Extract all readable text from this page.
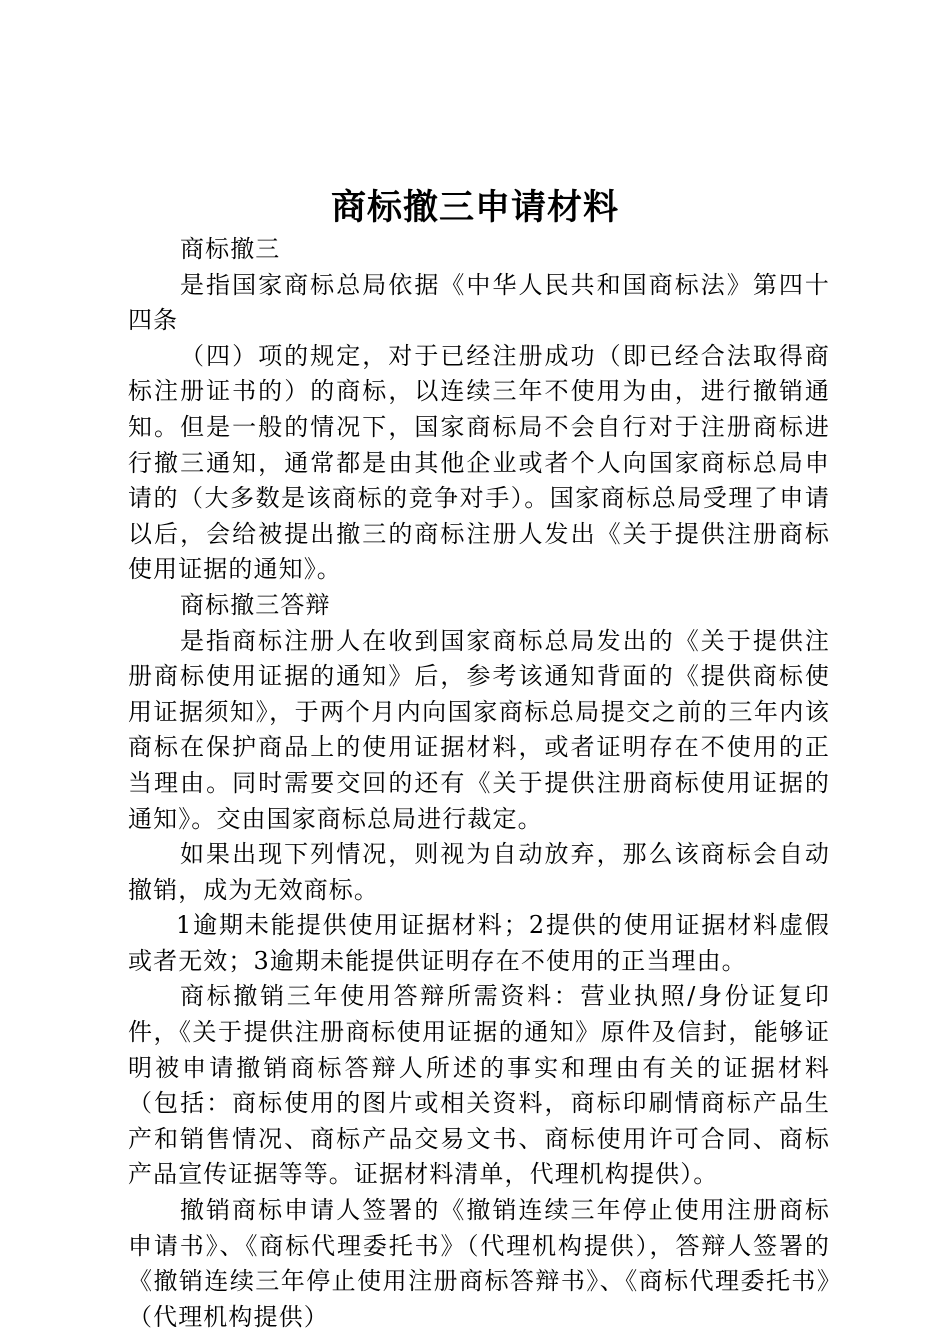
商标撤三申请材料

商标撤三

是指国家商标总局依据《中华人民共和国商标法》第四十四条

（四）项的规定，对于已经注册成功（即已经合法取得商标注册证书的）的商标，以连续三年不使用为由，进行撤销通知。但是一般的情况下，国家商标局不会自行对于注册商标进行撤三通知，通常都是由其他企业或者个人向国家商标总局申请的（大多数是该商标的竞争对手）。国家商标总局受理了申请以后，会给被提出撤三的商标注册人发出《关于提供注册商标使用证据的通知》。

商标撤三答辩

是指商标注册人在收到国家商标总局发出的《关于提供注册商标使用证据的通知》后，参考该通知背面的《提供商标使用证据须知》，于两个月内向国家商标总局提交之前的三年内该商标在保护商品上的使用证据材料，或者证明存在不使用的正当理由。同时需要交回的还有《关于提供注册商标使用证据的通知》。交由国家商标总局进行裁定。

如果出现下列情况，则视为自动放弃，那么该商标会自动撤销，成为无效商标。

1逾期未能提供使用证据材料；2提供的使用证据材料虚假或者无效；3逾期未能提供证明存在不使用的正当理由。

商标撤销三年使用答辩所需资料：营业执照/身份证复印件，《关于提供注册商标使用证据的通知》原件及信封，能够证明被申请撤销商标答辩人所述的事实和理由有关的证据材料（包括：商标使用的图片或相关资料，商标印刷情商标产品生产和销售情况、商标产品交易文书、商标使用许可合同、商标产品宣传证据等等。证据材料清单，代理机构提供）。

撤销商标申请人签署的《撤销连续三年停止使用注册商标申请书》、《商标代理委托书》（代理机构提供），答辩人签署的《撤销连续三年停止使用注册商标答辩书》、《商标代理委托书》（代理机构提供）
